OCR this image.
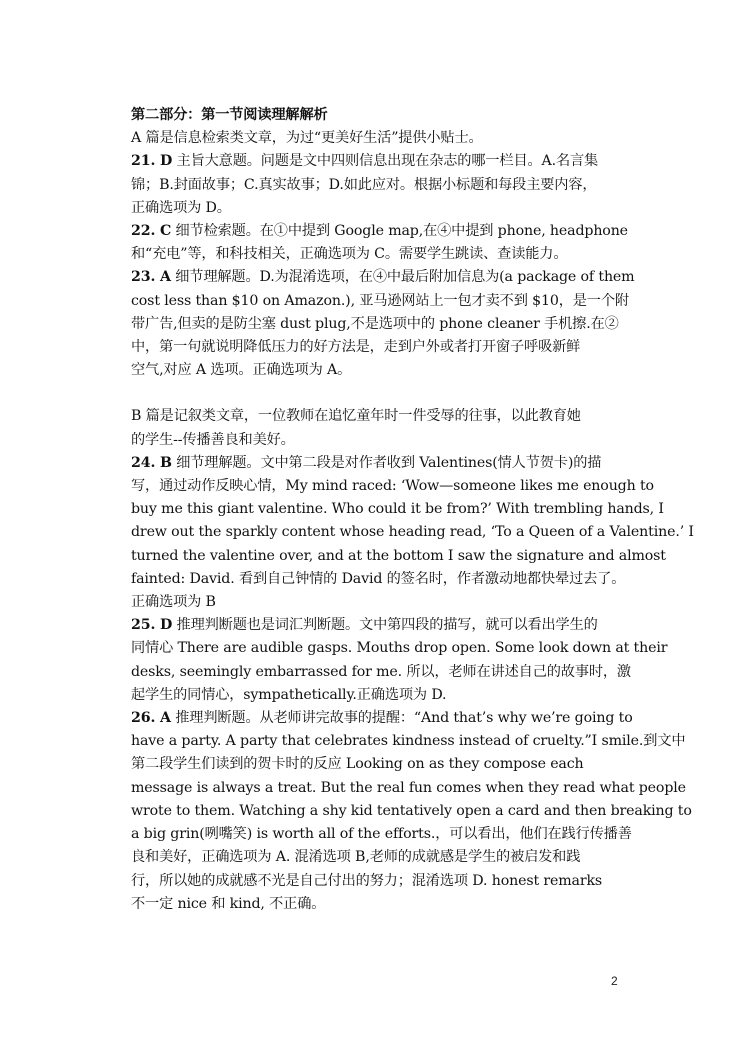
第二部分：第一节阅读理解解析
A 篇是信息检索类文章，为过“更美好生活”提供小贴士。
21. D 主旨大意题。问题是文中四则信息出现在杂志的哪一栏目。A.名言集
锦；B.封面故事；C.真实故事；D.如此应对。根据小标题和每段主要内容，
正确选项为 D。
22. C 细节检索题。在①中提到 Google map,在④中提到 phone, headphone
和“充电”等，和科技相关，正确选项为 C。需要学生跳读、查读能力。
23. A 细节理解题。D.为混淆选项，在④中最后附加信息为(a package of them
cost less than $10 on Amazon.), 亚马逊网站上一包才卖不到 $10，是一个附
带广告,但卖的是防尘塞 dust plug,不是选项中的 phone cleaner 手机擦.在②
中，第一句就说明降低压力的好方法是，走到户外或者打开窗子呼吸新鲜
空气,对应 A 选项。正确选项为 A。
B 篇是记叙类文章，一位教师在追忆童年时一件受辱的往事，以此教育她
的学生--传播善良和美好。
24. B 细节理解题。文中第二段是对作者收到 Valentines(情人节贺卡)的描
写，通过动作反映心情，My mind raced: ‘Wow—someone likes me enough to
buy me this giant valentine. Who could it be from?’ With trembling hands, I
drew out the sparkly content whose heading read, ‘To a Queen of a Valentine.’ I
turned the valentine over, and at the bottom I saw the signature and almost
fainted: David. 看到自己钟情的 David 的签名时，作者激动地都快晕过去了。
正确选项为 B
25. D 推理判断题也是词汇判断题。文中第四段的描写，就可以看出学生的
同情心 There are audible gasps. Mouths drop open. Some look down at their
desks, seemingly embarrassed for me. 所以，老师在讲述自己的故事时，激
起学生的同情心，sympathetically.正确选项为 D.
26. A 推理判断题。从老师讲完故事的提醒：“And that’s why we’re going to
have a party. A party that celebrates kindness instead of cruelty.”I smile.到文中
第二段学生们读到的贺卡时的反应 Looking on as they compose each
message is always a treat. But the real fun comes when they read what people
wrote to them. Watching a shy kid tentatively open a card and then breaking to
a big grin(咧嘴笑) is worth all of the efforts.，可以看出，他们在践行传播善
良和美好，正确选项为 A. 混淆选项 B,老师的成就感是学生的被启发和践
行，所以她的成就感不光是自己付出的努力；混淆选项 D. honest remarks
不一定 nice 和 kind, 不正确。
2
